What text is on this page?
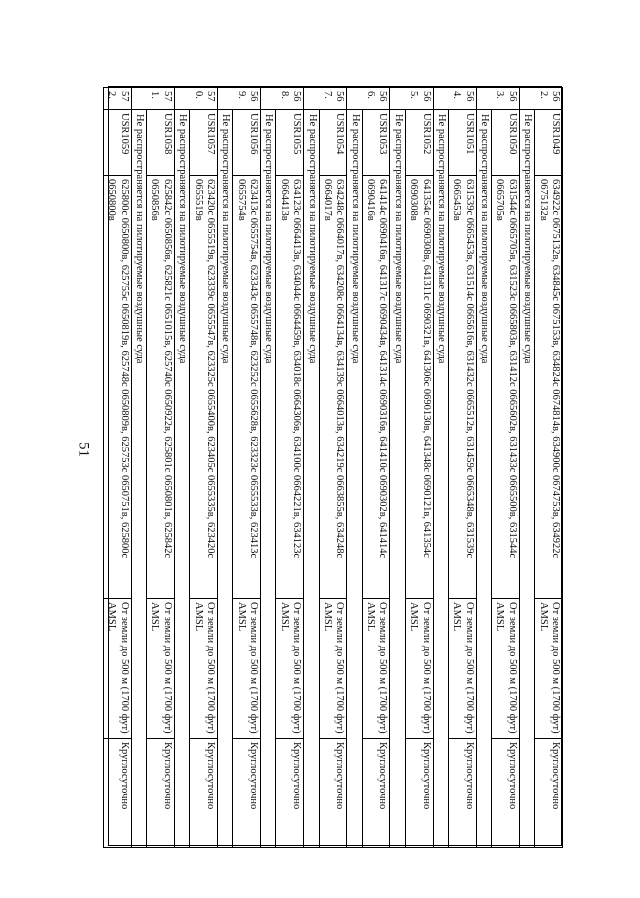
51
562.	USR1049	634922c 0675132в, 634845c 0675153в, 634824c 0674814в, 634900c 0674753в, 634922c 0675132в	От земли до 500 м (1700 фут) AMSL	Круглосуточно
	Не распространяется на пилотируемые воздушные суда			
563.	USR1050	631544c 0665705в, 631523c 0665803в, 631412c 0665602в, 631433c 0665500в, 631544c 0665705в	От земли до 500 м (1700 фут) AMSL	Круглосуточно
	Не распространяется на пилотируемые воздушные суда			
564.	USR1051	631539c 0665453в, 631514c 0665616в, 631432c 0665512в, 631459c 0665348в, 631539c 0665453в	От земли до 500 м (1700 фут) AMSL	Круглосуточно
	Не распространяется на пилотируемые воздушные суда			
565.	USR1052	641354c 0690308в, 641311c 0690321в, 641306c 0690130в, 641348c 0690121в, 641354c 0690308в	От земли до 500 м (1700 фут) AMSL	Круглосуточно
	Не распространяется на пилотируемые воздушные суда			
566.	USR1053	641414c 0690416в, 641317c 0690434в, 641314c 0690316в, 641410c 0690302в, 641414c 0690416в	От земли до 500 м (1700 фут) AMSL	Круглосуточно
	Не распространяется на пилотируемые воздушные суда			
567.	USR1054	634248c 0664017в, 634208c 0664134в, 634139c 0664013в, 634219c 0663855в, 634248c 0664017в	От земли до 500 м (1700 фут) AMSL	Круглосуточно
	Не распространяется на пилотируемые воздушные суда			
568.	USR1055	634123c 0664413в, 634044c 0664459в, 634018c 0664306в, 634100c 0664221в, 634123c 0664413в	От земли до 500 м (1700 фут) AMSL	Круглосуточно
	Не распространяется на пилотируемые воздушные суда			
569.	USR1056	623413c 0655754в, 623343c 0655748в, 623252c 0655628в, 623323c 0655533в, 623413c 0655754в	От земли до 500 м (1700 фут) AMSL	Круглосуточно
	Не распространяется на пилотируемые воздушные суда			
570.	USR1057	623420c 0655519в, 623339c 0655547в, 623325c 0655400в, 623405c 0655335в, 623420c 0655519в	От земли до 500 м (1700 фут) AMSL	Круглосуточно
	Не распространяется на пилотируемые воздушные суда			
571.	USR1058	625842c 0650856в, 625821c 0651015в, 625740c 0650922в, 625801c 0650801в, 625842c 0650856в	От земли до 500 м (1700 фут) AMSL	Круглосуточно
	Не распространяется на пилотируемые воздушные суда			
572.	USR1059	625800c 0650800в, 625755c 0650819в, 625748c 0650809в, 625753c 0650751в, 625800c 0650800в	От земли до 500 м (1700 фут) AMSL	Круглосуточно
